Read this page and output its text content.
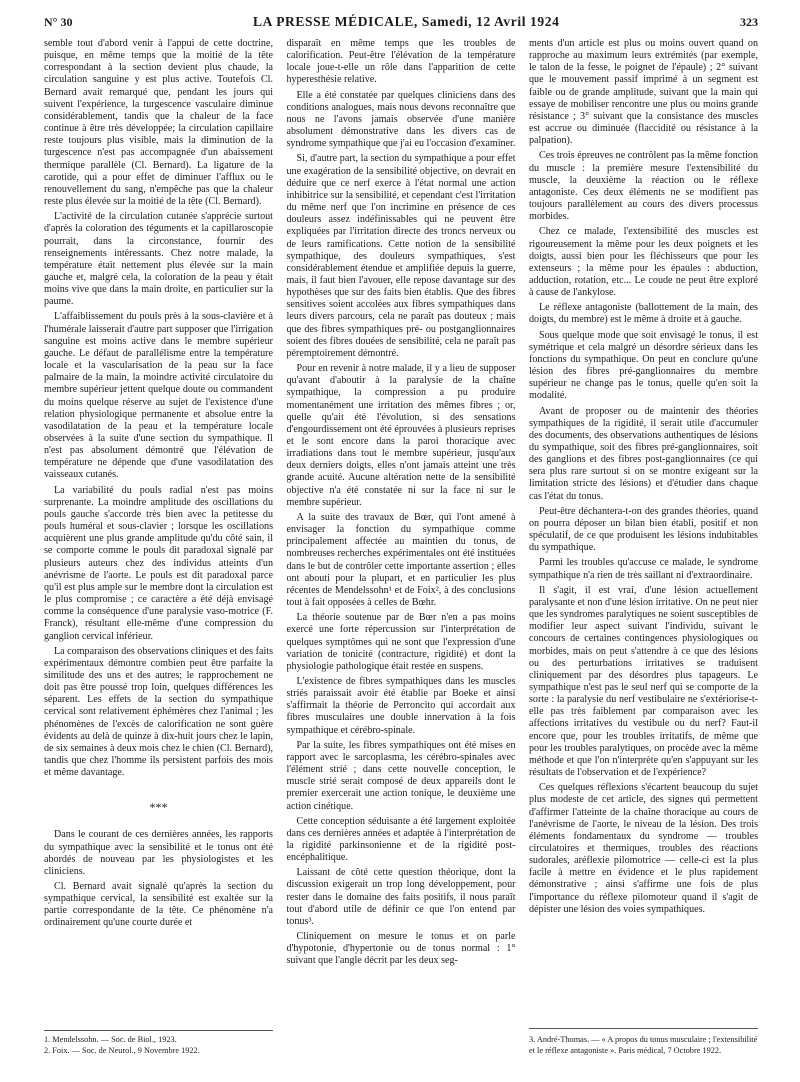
N° 30	LA PRESSE MÉDICALE, Samedi, 12 Avril 1924	323

semble tout d'abord venir à l'appui de cette doctrine, puisque, en même temps que la moitié de la tête correspondant à la section devient plus chaude, la circulation sanguine y est plus active. Toutefois Cl. Bernard avait remarqué que, pendant les jours qui suivent l'expérience, la turgescence vasculaire diminue considérablement, tandis que la chaleur de la face continue à être très développée; la circulation capillaire reste toujours plus visible, mais la diminution de la turgescence n'est pas accompagnée d'un abaissement thermique parallèle (Cl. Bernard). La ligature de la carotide, qui a pour effet de diminuer l'afflux ou le renouvellement du sang, n'empêche pas que la chaleur reste plus élevée sur la moitié de la tête (Cl. Bernard).

L'activité de la circulation cutanée s'apprécie surtout d'après la coloration des téguments et la capillaroscopie pourrait, dans la circonstance, fournir des renseignements intéressants. Chez notre malade, la température était nettement plus élevée sur la main gauche et, malgré cela, la coloration de la peau y était moins vive que dans la main droite, en particulier sur la paume.

L'affaiblissement du pouls près à la sous-clavière et à l'humérale laisserait d'autre part supposer que l'irrigation sanguine est moins active dans le membre supérieur gauche. Le défaut de parallélisme entre la température locale et la vascularisation de la peau sur la face palmaire de la main, la moindre activité circulatoire du membre supérieur jettent quelque doute ou commandent du moins quelque réserve au sujet de l'existence d'une relation physiologique permanente et absolue entre la vasodilatation de la peau et la température locale observées à la suite d'une section du sympathique. Il n'est pas absolument démontré que l'élévation de température ne dépende que d'une vasodilatation des vaisseaux cutanés.

La variabilité du pouls radial n'est pas moins surprenante. La moindre amplitude des oscillations du pouls gauche s'accorde très bien avec la petitesse du pouls huméral et sous-clavier ; lorsque les oscillations acquièrent une plus grande amplitude qu'du côté sain, il se comporte comme le pouls dit paradoxal signalé par plusieurs auteurs chez des individus atteints d'un anévrisme de l'aorte. Le pouls est dit paradoxal parce qu'il est plus ample sur le membre dont la circulation est le plus compromise ; ce caractère a été déjà envisagé comme la conséquence d'une paralysie vaso-motrice (F. Franck), résultant elle-même d'une compression du ganglion cervical inférieur.

La comparaison des observations cliniques et des faits expérimentaux démontre combien peut être parfaite la similitude des uns et des autres; le rapprochement ne doit pas être poussé trop loin, quelques différences les séparent. Les effets de la section du sympathique cervical sont relativement éphémères chez l'animal ; les phénomènes de l'excès de calorification ne sont guère évidents au delà de quinze à dix-huit jours chez le lapin, de six semaines à deux mois chez le chien (Cl. Bernard), tandis que chez l'homme ils persistent parfois des mois et même davantage.

***

Dans le courant de ces dernières années, les rapports du sympathique avec la sensibilité et le tonus ont été abordés de nouveau par les physiologistes et les cliniciens.

Cl. Bernard avait signalé qu'après la section du sympathique cervical, la sensibilité est exaltée sur la partie correspondante de la tête. Ce phénomène n'a ordinairement qu'une courte durée et

1. Mendelssohn. — Soc. de Biol., 1923.

2. Foix. — Soc. de Neurol., 9 Novembre 1922.

disparaît en même temps que les troubles de calorification. Peut-être l'élévation de la température locale joue-t-elle un rôle dans l'apparition de cette hyperesthésie relative.

Elle a été constatée par quelques cliniciens dans des conditions analogues, mais nous devons reconnaître que nous ne l'avons jamais observée d'une manière absolument démonstrative dans les divers cas de syndrome sympathique que j'ai eu l'occasion d'examiner.

Si, d'autre part, la section du sympathique a pour effet une exagération de la sensibilité objective, on devrait en déduire que ce nerf exerce à l'état normal une action inhibitrice sur la sensibilité, et cependant c'est l'irritation du même nerf que l'on incrimine en présence de ces douleurs assez indéfinissables qui ne peuvent être expliquées par l'irritation directe des troncs nerveux ou de leurs ramifications. Cette notion de la sensibilité sympathique, des douleurs sympathiques, s'est considérablement étendue et amplifiée depuis la guerre, mais, il faut bien l'avouer, elle repose davantage sur des hypothèses que sur des faits bien établis. Que des fibres sensitives soient accolées aux fibres sympathiques dans leurs divers parcours, cela ne paraît pas douteux ; mais que des fibres sympathiques pré- ou postganglionnaires soient des fibres douées de sensibilité, cela ne paraît pas péremptoirement démontré.

Pour en revenir à notre malade, il y a lieu de supposer qu'avant d'aboutir à la paralysie de la chaîne sympathique, la compression a pu produire momentanément une irritation des mêmes fibres ; or, quelle qu'ait été l'évolution, si des sensations d'engourdissement ont été éprouvées à plusieurs reprises et le sont encore dans la paroi thoracique avec irradiations dans tout le membre supérieur, jusqu'aux deux derniers doigts, elles n'ont jamais atteint une très grande acuité. Aucune altération nette de la sensibilité objective n'a été constatée ni sur la face ni sur le membre supérieur.

A la suite des travaux de Bœr, qui l'ont amené à envisager la fonction du sympathique comme principalement affectée au maintien du tonus, de nombreuses recherches expérimentales ont été instituées dans le but de contrôler cette importante assertion ; elles ont abouti pour la plupart, et en particulier les plus récentes de Mendelssohn¹ et de Foix², à des conclusions tout à fait opposées à celles de Bœhr.

La théorie soutenue par de Bœr n'en a pas moins exercé une forte répercussion sur l'interprétation de quelques symptômes qui ne sont que l'expression d'une variation de tonicité (contracture, rigidité) et dont la physiologie pathologique était restée en suspens.

L'existence de fibres sympathiques dans les muscles striés paraissait avoir été établie par Boeke et ainsi s'affirmait la théorie de Perroncito qui accordait aux fibres musculaires une double innervation à la fois sympathique et cérébro-spinale.

Par la suite, les fibres sympathiques ont été mises en rapport avec le sarcoplasma, les cérébro-spinales avec l'élément strié ; dans cette nouvelle conception, le muscle strié serait composé de deux appareils dont le premier exercerait une action tonique, le deuxième une action cinétique.

Cette conception séduisante a été largement exploitée dans ces dernières années et adaptée à l'interprétation de la rigidité parkinsonienne et de la rigidité post-encéphalitique.

Laissant de côté cette question théorique, dont la discussion exigerait un trop long développement, pour rester dans le domaine des faits positifs, il nous paraît tout d'abord utile de définir ce que l'on entend par tonus³.

Cliniquement on mesure le tonus et on parle d'hypotonie, d'hypertonie ou de tonus normal : 1° suivant que l'angle décrit par les deux seg-

ments d'un article est plus ou moins ouvert quand on rapproche au maximum leurs extrémités (par exemple, le talon de la fesse, le poignet de l'épaule) ; 2° suivant que le mouvement passif imprimé à un segment est faible ou de grande amplitude, suivant que la main qui essaye de mobiliser rencontre une plus ou moins grande résistance ; 3° suivant que la consistance des muscles est accrue ou diminuée (flaccidité ou résistance à la palpation).

Ces trois épreuves ne contrôlent pas la même fonction du muscle : la première mesure l'extensibilité du muscle, la deuxième la réaction ou le réflexe antagoniste. Ces deux éléments ne se modifient pas toujours parallèlement au cours des divers processus morbides.

Chez ce malade, l'extensibilité des muscles est rigoureusement la même pour les deux poignets et les doigts, aussi bien pour les fléchisseurs que pour les extenseurs ; la même pour les épaules : abduction, adduction, rotation, etc... Le coude ne peut être exploré à cause de l'ankylose.

Le réflexe antagoniste (ballottement de la main, des doigts, du membre) est le même à droite et à gauche.

Sous quelque mode que soit envisagé le tonus, il est symétrique et cela malgré un désordre sérieux dans les fonctions du sympathique. On peut en conclure qu'une lésion des fibres pré-ganglionnaires du membre supérieur ne change pas le tonus, quelle qu'en soit la modalité.

Avant de proposer ou de maintenir des théories sympathiques de la rigidité, il serait utile d'accumuler des documents, des observations authentiques de lésions du sympathique, soit des fibres pré-ganglionnaires, soit des ganglions et des fibres post-ganglionnaires (ce qui sera plus rare surtout si on se montre exigeant sur la limitation stricte des lésions) et d'étudier dans chaque cas l'état du tonus.

Peut-être déchantera-t-on des grandes théories, quand on pourra déposer un bilan bien établi, positif et non spéculatif, de ce que produisent les lésions indubitables du sympathique.

Parmi les troubles qu'accuse ce malade, le syndrome sympathique n'a rien de très saillant ni d'extraordinaire.

Il s'agit, il est vrai, d'une lésion actuellement paralysante et non d'une lésion irritative. On ne peut nier que les syndromes paralytiques ne soient susceptibles de modifier leur aspect suivant l'individu, suivant le concours de certaines contingences physiologiques ou morbides, mais on peut s'attendre à ce que des lésions ou des perturbations irritatives se traduisent cliniquement par des désordres plus tapageurs. Le sympathique n'est pas le seul nerf qui se comporte de la sorte : la paralysie du nerf vestibulaire ne s'extériorise-t-elle pas très faiblement par comparaison avec les affections irritatives du vestibule ou du nerf? Faut-il encore que, pour les troubles irritatifs, de même que pour les troubles paralytiques, on procède avec la même méthode et que l'on n'interprète qu'en s'appuyant sur les résultats de l'observation et de l'expérience?

Ces quelques réflexions s'écartent beaucoup du sujet plus modeste de cet article, des signes qui permettent d'affirmer l'atteinte de la chaîne thoracique au cours de l'anévrisme de l'aorte, le niveau de la lésion. Des trois éléments fondamentaux du syndrome — troubles circulatoires et thermiques, troubles des réactions sudorales, aréflexie pilomotrice — celle-ci est la plus facile à mettre en évidence et le plus rapidement démonstrative ; ainsi s'affirme une fois de plus l'importance du réflexe pilomoteur quand il s'agit de dépister une lésion des voies sympathiques.

3. André-Thomas. — « A propos du tonus musculaire ; l'extensibilité et le réflexe antagoniste ». Paris médical, 7 Octobre 1922.
